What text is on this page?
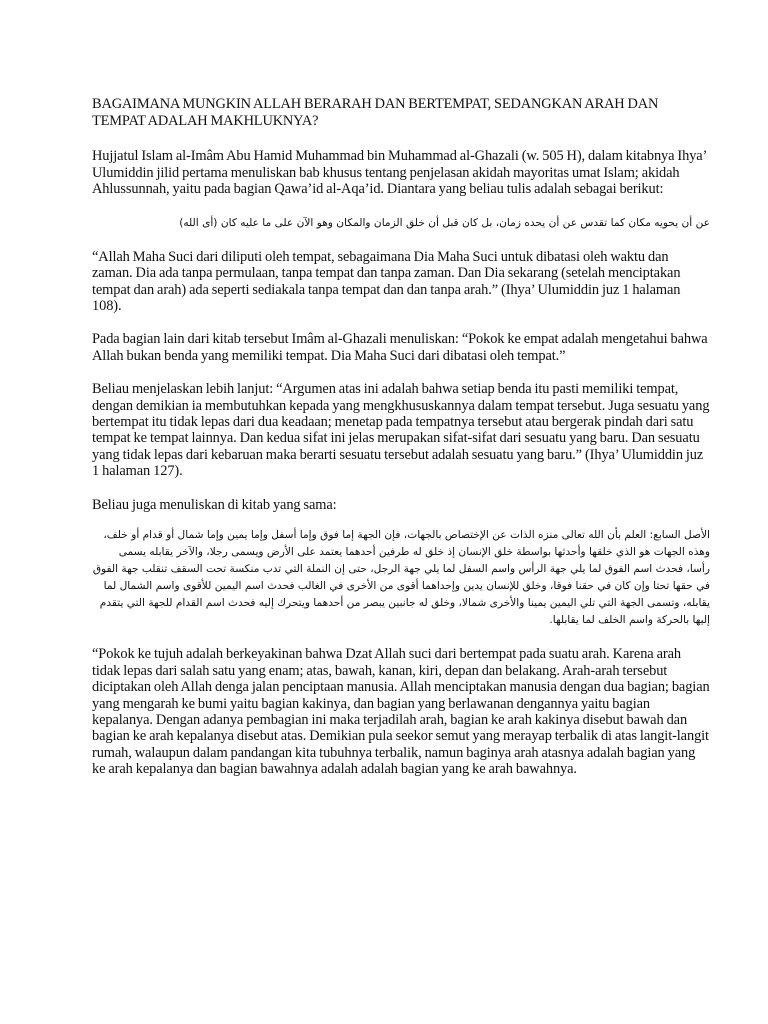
BAGAIMANA MUNGKIN ALLAH BERARAH DAN BERTEMPAT, SEDANGKAN ARAH DAN TEMPAT ADALAH MAKHLUKNYA?

Hujjatul Islam al-Imâm Abu Hamid Muhammad bin Muhammad al-Ghazali (w. 505 H), dalam kitabnya Ihya’ Ulumiddin jilid pertama menuliskan bab khusus tentang penjelasan akidah mayoritas umat Islam; akidah Ahlussunnah, yaitu pada bagian Qawa’id al-Aqa’id. Diantara yang beliau tulis adalah sebagai berikut:

عن أن يحويه مكان كما تقدس عن أن يحده زمان، بل كان قبل أن خلق الزمان والمكان وهو الآن على ما عليه كان (أى الله)

“Allah Maha Suci dari diliputi oleh tempat, sebagaimana Dia Maha Suci untuk dibatasi oleh waktu dan zaman. Dia ada tanpa permulaan, tanpa tempat dan tanpa zaman. Dan Dia sekarang (setelah menciptakan tempat dan arah) ada seperti sediakala tanpa tempat dan dan tanpa arah.” (Ihya’ Ulumiddin juz 1 halaman 108).

Pada bagian lain dari kitab tersebut Imâm al-Ghazali menuliskan: “Pokok ke empat adalah mengetahui bahwa Allah bukan benda yang memiliki tempat. Dia Maha Suci dari dibatasi oleh tempat.”

Beliau menjelaskan lebih lanjut: “Argumen atas ini adalah bahwa setiap benda itu pasti memiliki tempat, dengan demikian ia membutuhkan kepada yang mengkhususkannya dalam tempat tersebut. Juga sesuatu yang bertempat itu tidak lepas dari dua keadaan; menetap pada tempatnya tersebut atau bergerak pindah dari satu tempat ke tempat lainnya. Dan kedua sifat ini jelas merupakan sifat-sifat dari sesuatu yang baru. Dan sesuatu yang tidak lepas dari kebaruan maka berarti sesuatu tersebut adalah sesuatu yang baru.” (Ihya’ Ulumiddin juz 1 halaman 127).

Beliau juga menuliskan di kitab yang sama:

الأصل السابع: العلم بأن الله تعالى منزه الذات عن الإختصاص بالجهات، فإن الجهة إما فوق وإما أسفل وإما يمين وإما شمال أو قدام أو خلف، وهذه الجهات هو الذي خلقها وأحدثها بواسطة خلق الإنسان إذ خلق له طرفين أحدهما يعتمد على الأرض ويسمى رجلا، والآخر يقابله يسمى رأسا، فحدث اسم الفوق لما يلي جهة الرأس واسم السفل لما يلي جهة الرجل، حتى إن النملة التي تدب منكسة تحت السقف تنقلب جهة الفوق في حقها تحتا وإن كان في حقنا فوقا، وخلق للإنسان يدين وإحداهما أقوى من الأخرى في الغالب فحدث اسم اليمين للأقوى واسم الشمال لما يقابله، وتسمى الجهة التي تلي اليمين يمينا والأخرى شمالا، وخلق له جانبين يبصر من أحدهما ويتحرك إليه فحدث اسم القدام للجهة التي يتقدم إليها بالحركة واسم الخلف لما يقابلها.

“Pokok ke tujuh adalah berkeyakinan bahwa Dzat Allah suci dari bertempat pada suatu arah. Karena arah tidak lepas dari salah satu yang enam; atas, bawah, kanan, kiri, depan dan belakang. Arah-arah tersebut diciptakan oleh Allah denga jalan penciptaan manusia. Allah menciptakan manusia dengan dua bagian; bagian yang mengarah ke bumi yaitu bagian kakinya, dan bagian yang berlawanan dengannya yaitu bagian kepalanya. Dengan adanya pembagian ini maka terjadilah arah, bagian ke arah kakinya disebut bawah dan bagian ke arah kepalanya disebut atas. Demikian pula seekor semut yang merayap terbalik di atas langit-langit rumah, walaupun dalam pandangan kita tubuhnya terbalik, namun baginya arah atasnya adalah bagian yang ke arah kepalanya dan bagian bawahnya adalah adalah bagian yang ke arah bawahnya.
